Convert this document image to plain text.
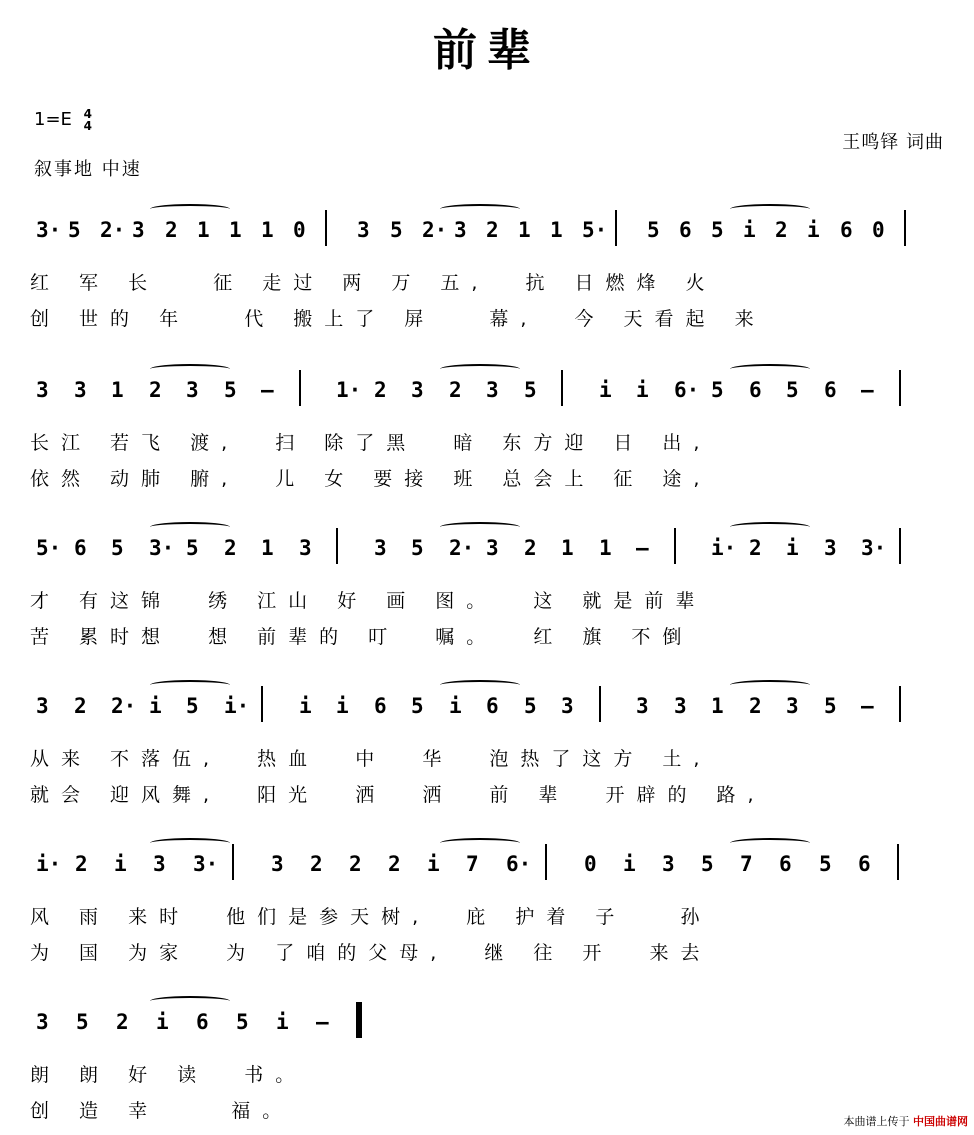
前辈
1=E 4
4
王鸣铎 词曲
叙事地 中速
3· 5 2· 3 2 1 1 1 0 3 5 2· 3 2 1 1 5· 5 6 5 i 2 i 6 0
红 军 长   征 走过 两 万 五,  抗 日燃烽 火
创 世的 年   代 搬上了 屏   幕,  今 天看起 来
3 3 1 2 3 5 –	1· 2 3 2 3 5	i i 6· 5 6 5 6 –
长江 若飞 渡,  扫 除了黑  暗 东方迎 日 出,
依然 动肺 腑,  儿 女 要接 班 总会上 征 途,
5· 6 5 3· 5 2 1 3	3 5 2· 3 2 1 1 –	i· 2 i 3 3·
才 有这锦  绣 江山 好 画 图。  这 就是前辈
苦 累时想  想 前辈的 叮  嘱。  红 旗 不倒
3 2 2· i 5 i· i i 6 5 i 6 5 3	3 3 1 2 3 5 –
从来 不落伍,  热血  中  华  泡热了这方 土,
就会 迎风舞,  阳光  洒  洒  前 辈  开辟的 路,
i· 2 i 3 3·	3 2 2 2 i 7 6·	0 i 3 5 7 6 5 6
风 雨 来时  他们是参天树,  庇 护着 子   孙
为 国 为家  为 了咱的父母,  继 往 开  来去
3 5 2 i 6 5 i –
朗 朗 好 读  书。
创 造 幸    福。	本曲谱上传于 中国曲谱网
